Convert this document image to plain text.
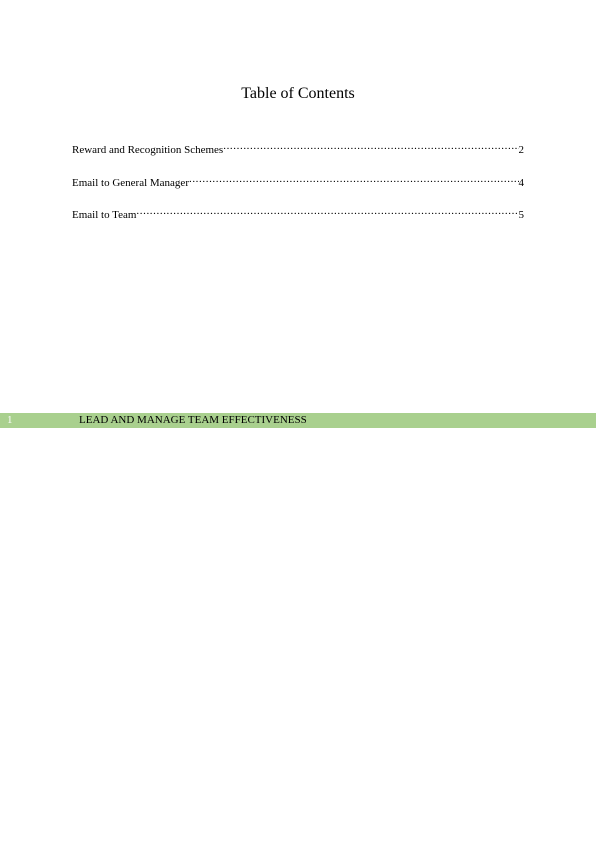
Table of Contents
Reward and Recognition Schemes .....	2
Email to General Manager .....	4
Email to Team .....	5
1	LEAD AND MANAGE TEAM EFFECTIVENESS
